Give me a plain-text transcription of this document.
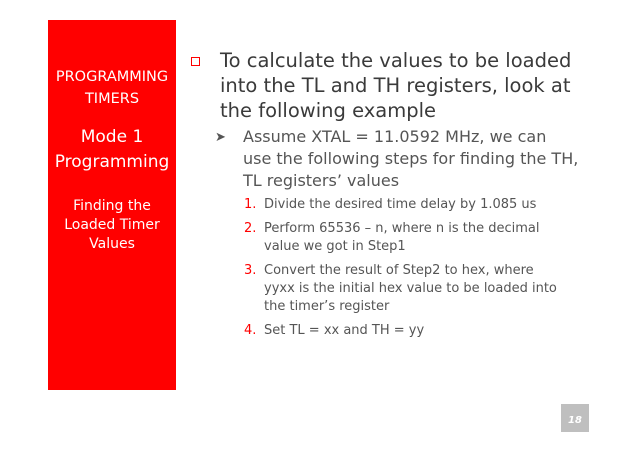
PROGRAMMING
TIMERS
Mode 1
Programming
Finding the
Loaded Timer
Values
To calculate the values to be loaded
into the TL and TH registers, look at
the following example
➤ Assume XTAL = 11.0592 MHz, we can
use the following steps for finding the TH,
TL registers’ values
1. Divide the desired time delay by 1.085 us
2. Perform 65536 – n, where n is the decimal
value we got in Step1
3. Convert the result of Step2 to hex, where
yyxx is the initial hex value to be loaded into
the timer’s register
4. Set TL = xx and TH = yy
18
